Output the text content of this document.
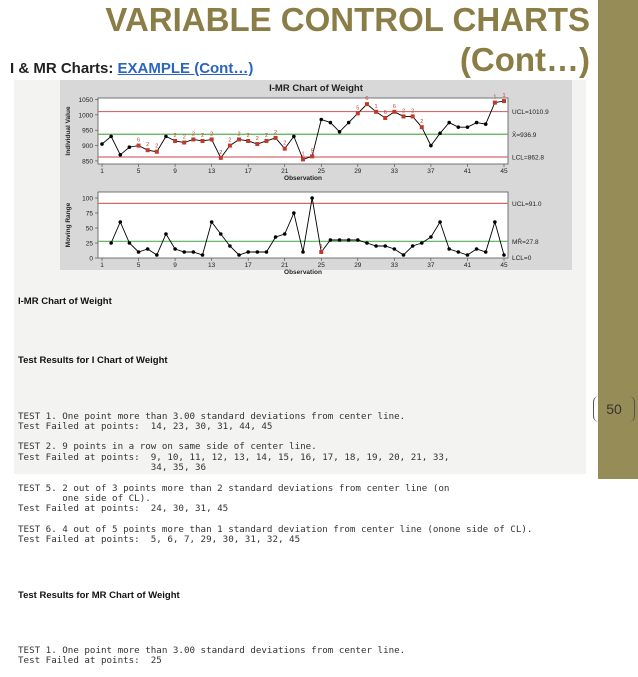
VARIABLE CONTROL CHARTS
(Cont…)
I & MR Charts: EXAMPLE (Cont…)
I-MR Chart of Weight
850
900
950
1000
1050
1	5	9	13	17	21	25	29	33	37	41	45
Observation
Individual Value	UCL=1010.9
X̄=936.9
LCL=862.8
6
2 2
2 2
2 2 2
2
2
2 2
2
2
2
2
1
5
5
6
1
6
6
2 2
2
1 1
0
25
50
75
100
1	5	9	13	17	21	25	29	33	37	41	45
Observation
Moving Range	UCL=91.0
MR̄=27.8
LCL=0
1

I-MR Chart of Weight

Test Results for I Chart of Weight

TEST 1. One point more than 3.00 standard deviations from center line.
Test Failed at points:  14, 23, 30, 31, 44, 45

TEST 2. 9 points in a row on same side of center line.
Test Failed at points:  9, 10, 11, 12, 13, 14, 15, 16, 17, 18, 19, 20, 21, 33,
34, 35, 36

TEST 5. 2 out of 3 points more than 2 standard deviations from center line (on
one side of CL).
Test Failed at points:  24, 30, 31, 45

TEST 6. 4 out of 5 points more than 1 standard deviation from center line (onone side of CL).
Test Failed at points:  5, 6, 7, 29, 30, 31, 32, 45

Test Results for MR Chart of Weight

TEST 1. One point more than 3.00 standard deviations from center line.
Test Failed at points:  25

50
